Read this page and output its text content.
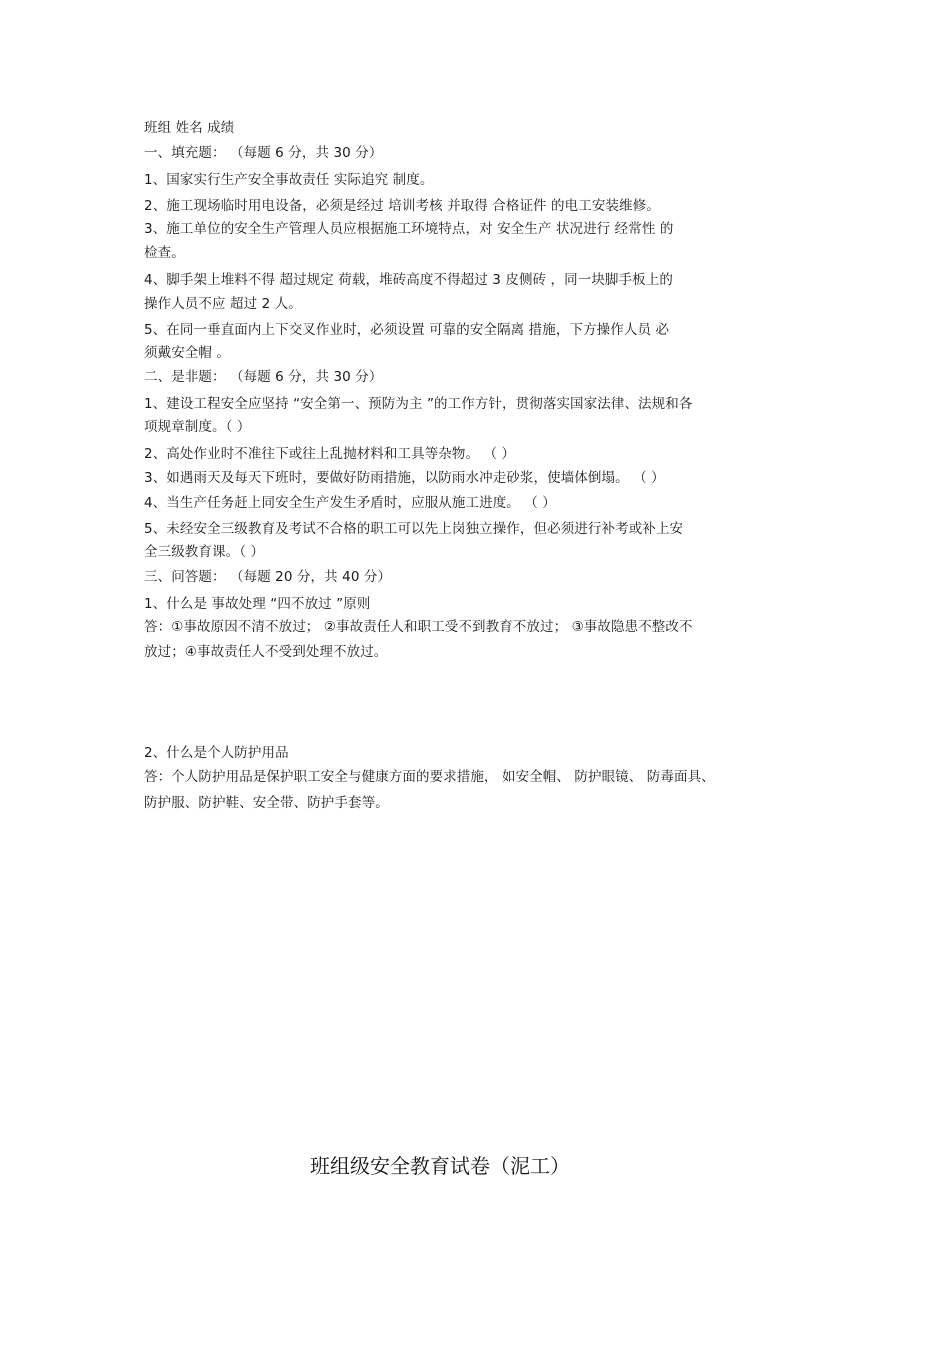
班组 姓名 成绩
一、填充题： （每题 6 分，共 30 分）
1、国家实行生产安全事故责任 实际追究 制度。
2、施工现场临时用电设备，必须是经过 培训考核 并取得 合格证件 的电工安装维修。
3、施工单位的安全生产管理人员应根据施工环境特点，对 安全生产 状况进行 经常性 的
检查。
4、脚手架上堆料不得 超过规定 荷载，堆砖高度不得超过 3 皮侧砖 ，同一块脚手板上的
操作人员不应 超过 2 人。
5、在同一垂直面内上下交叉作业时，必须设置 可靠的安全隔离 措施，下方操作人员 必
须戴安全帽 。
二、是非题： （每题 6 分，共 30 分）
1、建设工程安全应坚持 “安全第一、预防为主 ”的工作方针，贯彻落实国家法律、法规和各
项规章制度。（ ）
2、高处作业时不准往下或往上乱抛材料和工具等杂物。 （ ）
3、如遇雨天及每天下班时，要做好防雨措施，以防雨水冲走砂浆，使墙体倒塌。 （ ）
4、当生产任务赶上同安全生产发生矛盾时，应服从施工进度。 （ ）
5、未经安全三级教育及考试不合格的职工可以先上岗独立操作，但必须进行补考或补上安
全三级教育课。（ ）
三、问答题： （每题 20 分，共 40 分）
1、什么是 事故处理 “四不放过 ”原则
答：①事故原因不清不放过； ②事故责任人和职工受不到教育不放过； ③事故隐患不整改不
放过；④事故责任人不受到处理不放过。
2、什么是个人防护用品
答：个人防护用品是保护职工安全与健康方面的要求措施， 如安全帽、 防护眼镜、 防毒面具、
防护服、防护鞋、安全带、防护手套等。
班组级安全教育试卷（泥工）
